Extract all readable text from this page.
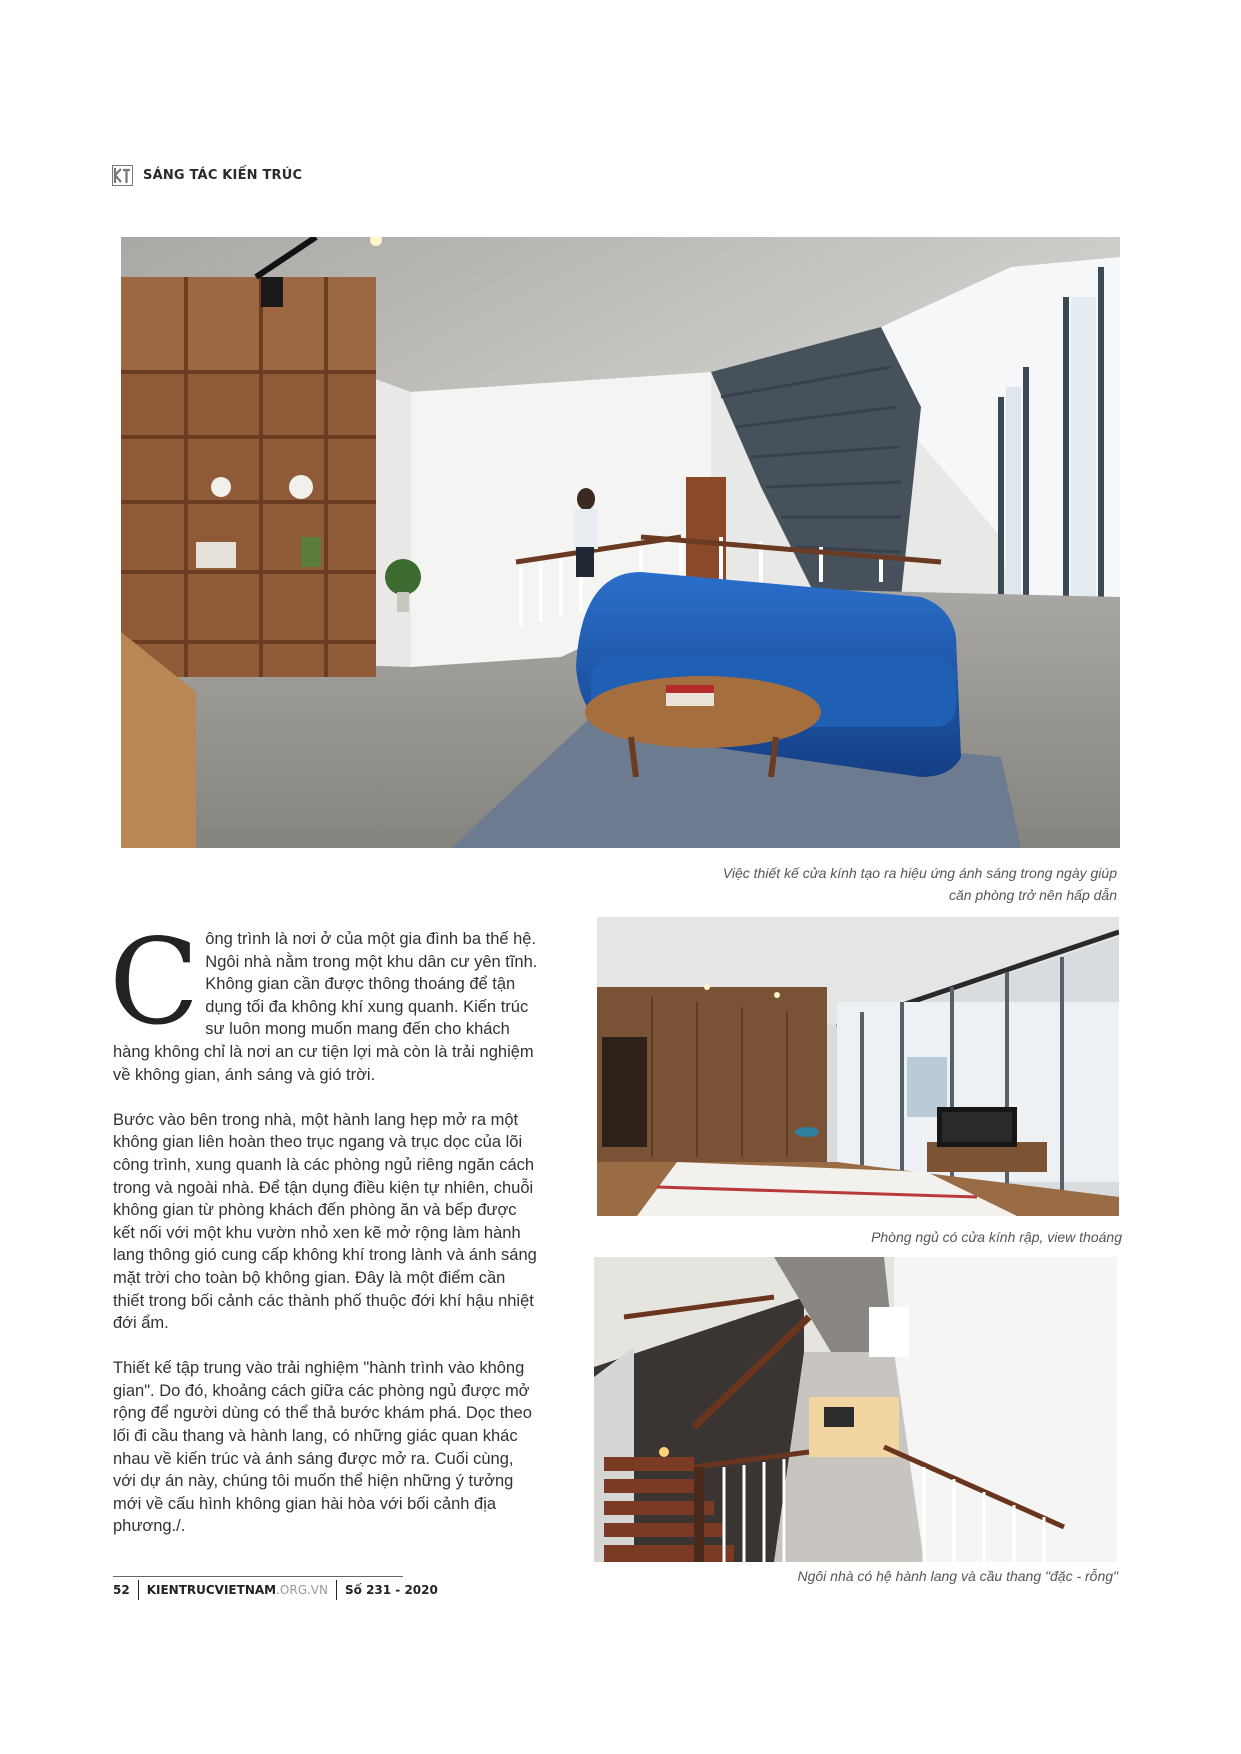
SÁNG TÁC KIẾN TRÚC

Việc thiết kế cửa kính tạo ra hiệu ứng ánh sáng trong ngày giúp căn phòng trở nên hấp dẫn

Phòng ngủ có cửa kính rập, view thoáng

Ngôi nhà có hệ hành lang và cầu thang "đặc - rỗng"

Công trình là nơi ở của một gia đình ba thế hệ. Ngôi nhà nằm trong một khu dân cư yên tĩnh. Không gian cần được thông thoáng để tận dụng tối đa không khí xung quanh. Kiến trúc sư luôn mong muốn mang đến cho khách hàng không chỉ là nơi an cư tiện lợi mà còn là trải nghiệm về không gian, ánh sáng và gió trời.

Bước vào bên trong nhà, một hành lang hẹp mở ra một không gian liên hoàn theo trục ngang và trục dọc của lõi công trình, xung quanh là các phòng ngủ riêng ngăn cách trong và ngoài nhà. Để tận dụng điều kiện tự nhiên, chuỗi không gian từ phòng khách đến phòng ăn và bếp được kết nối với một khu vườn nhỏ xen kẽ mở rộng làm hành lang thông gió cung cấp không khí trong lành và ánh sáng mặt trời cho toàn bộ không gian. Đây là một điểm cần thiết trong bối cảnh các thành phố thuộc đới khí hậu nhiệt đới ẩm.

Thiết kế tập trung vào trải nghiệm "hành trình vào không gian". Do đó, khoảng cách giữa các phòng ngủ được mở rộng để người dùng có thể thả bước khám phá. Dọc theo lối đi cầu thang và hành lang, có những giác quan khác nhau về kiến trúc và ánh sáng được mở ra. Cuối cùng, với dự án này, chúng tôi muốn thể hiện những ý tưởng mới về cấu hình không gian hài hòa với bối cảnh địa phương./.

52	KIENTRUCVIETNAM .ORG.VN Số 231 - 2020
